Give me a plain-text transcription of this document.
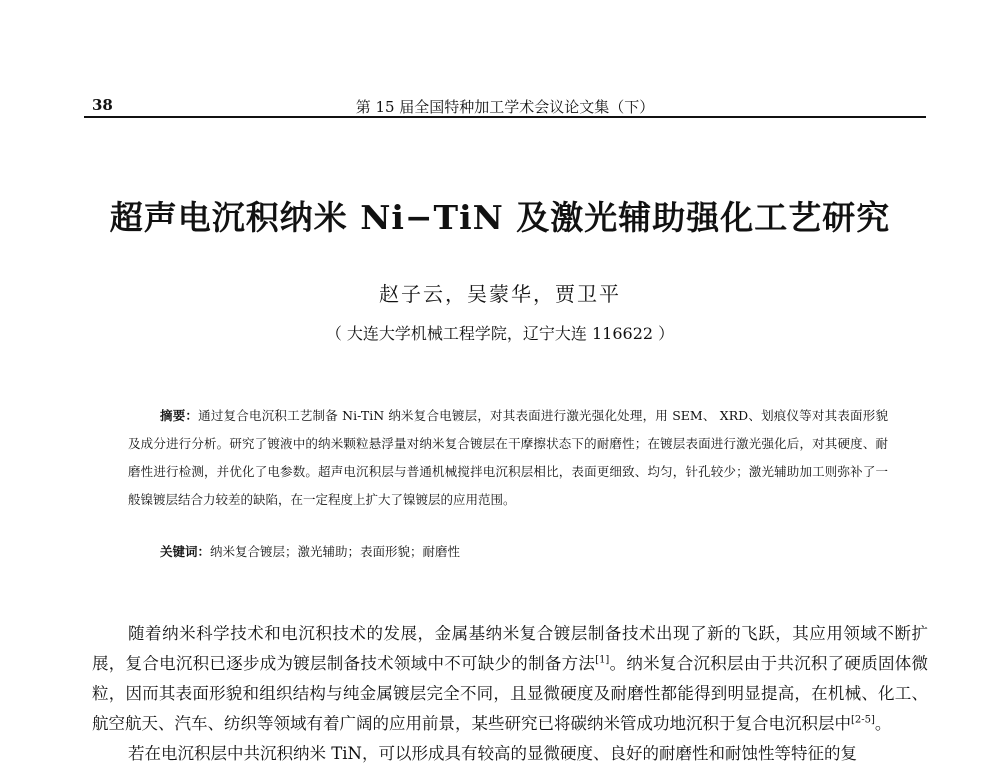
38	第 15 届全国特种加工学术会议论文集（下）
超声电沉积纳米 Ni−TiN 及激光辅助强化工艺研究
赵子云，吴蒙华，贾卫平
（ 大连大学机械工程学院，辽宁大连 116622 ）
摘要：通过复合电沉积工艺制备 Ni-TiN 纳米复合电镀层，对其表面进行激光强化处理，用 SEM、 XRD、划痕仪等对其表面形貌及成分进行分析。研究了镀液中的纳米颗粒悬浮量对纳米复合镀层在干摩擦状态下的耐磨性；在镀层表面进行激光强化后，对其硬度、耐磨性进行检测，并优化了电参数。超声电沉积层与普通机械搅拌电沉积层相比，表面更细致、均匀，针孔较少；激光辅助加工则弥补了一般镍镀层结合力较差的缺陷，在一定程度上扩大了镍镀层的应用范围。
关键词：纳米复合镀层；激光辅助；表面形貌；耐磨性

随着纳米科学技术和电沉积技术的发展，金属基纳米复合镀层制备技术出现了新的飞跃，其应用领域不断扩展，复合电沉积已逐步成为镀层制备技术领域中不可缺少的制备方法[1]。纳米复合沉积层由于共沉积了硬质固体微粒，因而其表面形貌和组织结构与纯金属镀层完全不同，且显微硬度及耐磨性都能得到明显提高，在机械、化工、航空航天、汽车、纺织等领域有着广阔的应用前景，某些研究已将碳纳米管成功地沉积于复合电沉积层中[2-5]。

若在电沉积层中共沉积纳米 TiN，可以形成具有较高的显微硬度、良好的耐磨性和耐蚀性等特征的复
